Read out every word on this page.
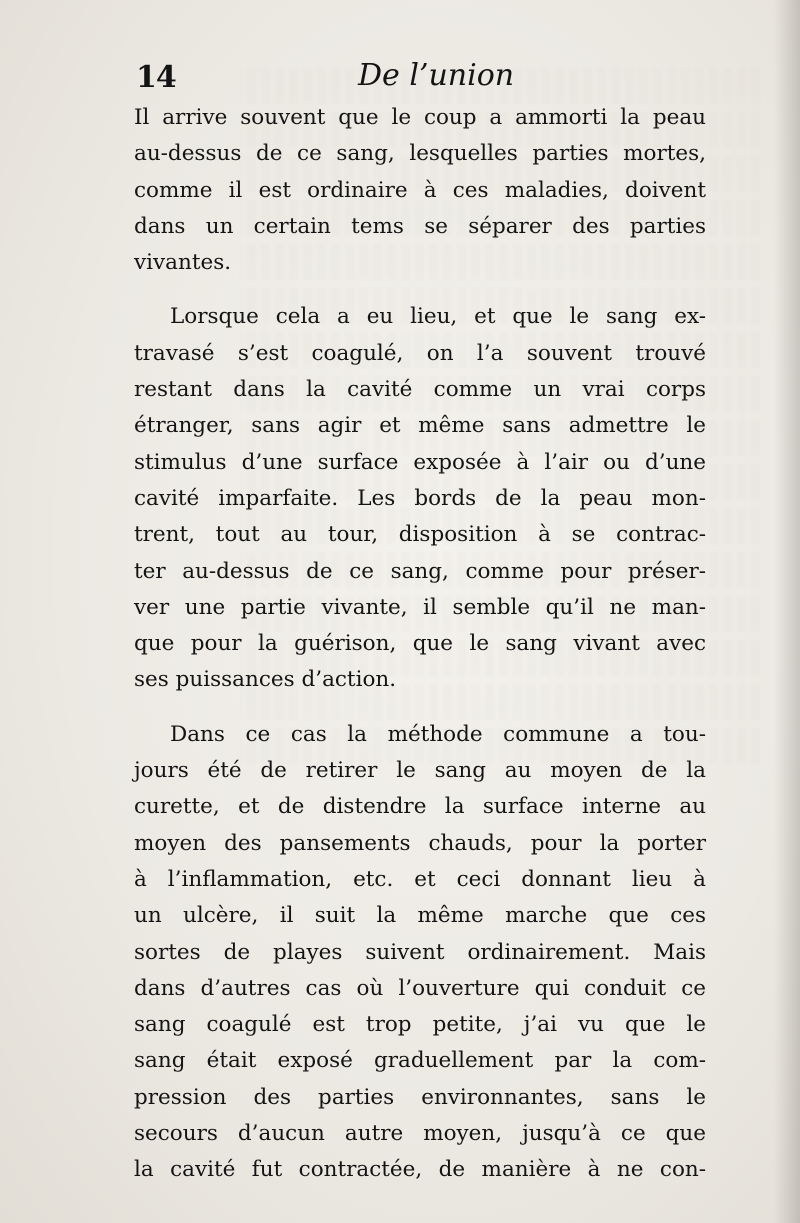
14	De l’union
Il arrive souvent que le coup a ammorti la peau
au-dessus de ce sang, lesquelles parties mortes,
comme il est ordinaire à ces maladies, doivent
dans un certain tems se séparer des parties
vivantes.
Lorsque cela a eu lieu, et que le sang ex-
travasé s’est coagulé, on l’a souvent trouvé
restant dans la cavité comme un vrai corps
étranger, sans agir et même sans admettre le
stimulus d’une surface exposée à l’air ou d’une
cavité imparfaite. Les bords de la peau mon-
trent, tout au tour, disposition à se contrac-
ter au-dessus de ce sang, comme pour préser-
ver une partie vivante, il semble qu’il ne man-
que pour la guérison, que le sang vivant avec
ses puissances d’action.
Dans ce cas la méthode commune a tou-
jours été de retirer le sang au moyen de la
curette, et de distendre la surface interne au
moyen des pansements chauds, pour la porter
à l’inflammation, etc. et ceci donnant lieu à
un ulcère, il suit la même marche que ces
sortes de playes suivent ordinairement. Mais
dans d’autres cas où l’ouverture qui conduit ce
sang coagulé est trop petite, j’ai vu que le
sang était exposé graduellement par la com-
pression des parties environnantes, sans le
secours d’aucun autre moyen, jusqu’à ce que
la cavité fut contractée, de manière à ne con-
